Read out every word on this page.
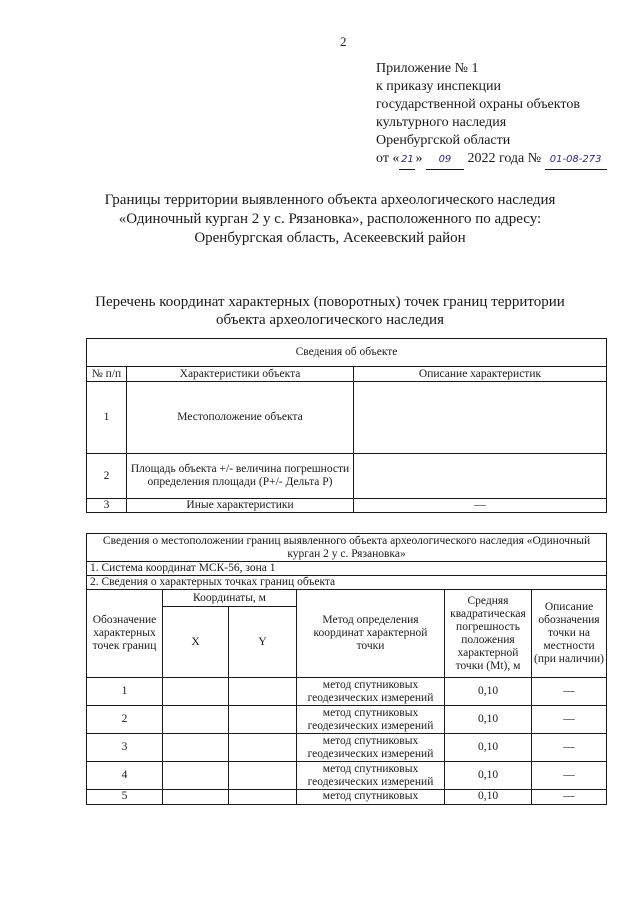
2
Приложение № 1
к приказу инспекции
государственной охраны объектов
культурного наследия
Оренбургской области
от « 21 » 09 2022 года № 01-08-273
Границы территории выявленного объекта археологического наследия
«Одиночный курган 2 у с. Рязановка», расположенного по адресу:
Оренбургская область, Асекеевский район
Перечень координат характерных (поворотных) точек границ территории
объекта археологического наследия
Сведения об объекте		
№ п/п	Характеристики объекта	Описание характеристик
1	Местоположение объекта	
2	Площадь объекта +/- величина погрешности определения площади (P+/- Дельта P)	
3	Иные характеристики	—
Сведения о местоположении границ выявленного объекта археологического наследия «Одиночный курган 2 у с. Рязановка»					
1. Система координат МСК-56, зона 1					
2. Сведения о характерных точках границ объекта					
Обозначение характерных точек границ	Координаты, м		Метод определения координат характерной точки	Средняя квадратическая погрешность положения характерной точки (Mt), м	Описание обозначения точки на местности (при наличии)
	X	Y			
1			метод спутниковых геодезических измерений	0,10	—
2			метод спутниковых геодезических измерений	0,10	—
3			метод спутниковых геодезических измерений	0,10	—
4			метод спутниковых геодезических измерений	0,10	—
5			метод спутниковых	0,10	—
